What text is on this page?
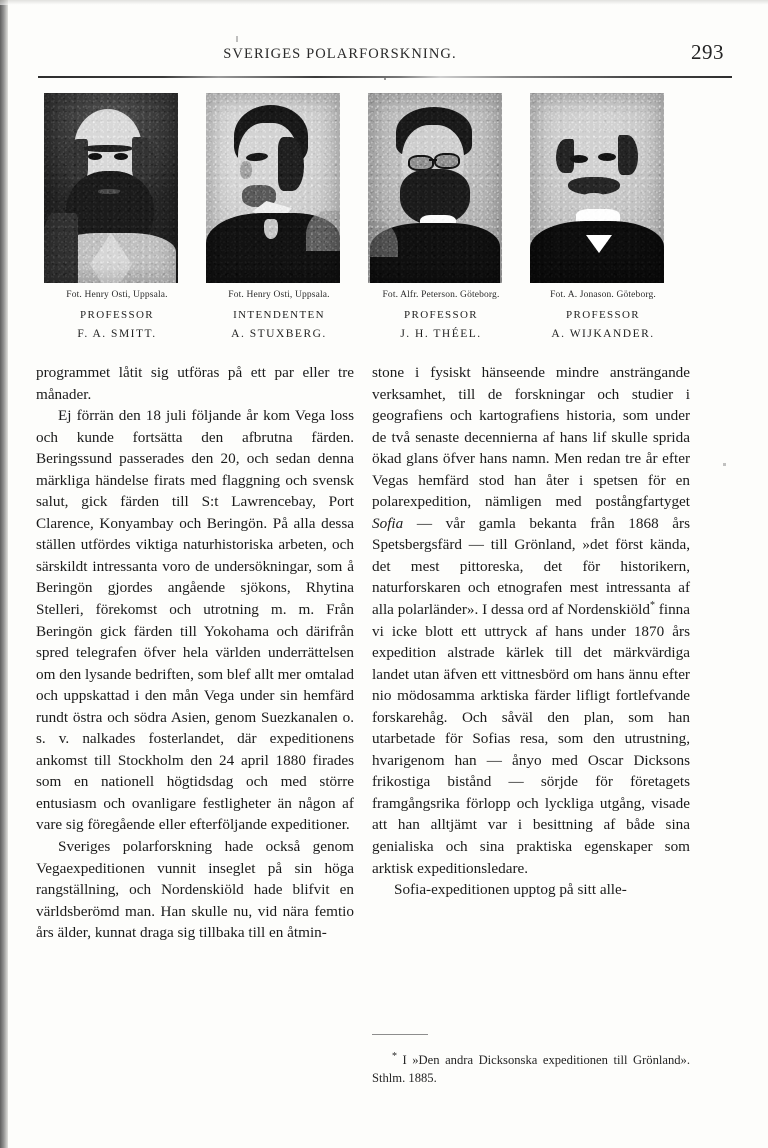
SVERIGES POLARFORSKNING.	293
Fot. Henry Osti, Uppsala.
PROFESSOR
F. A. SMITT.
Fot. Henry Osti, Uppsala.
INTENDENTEN
A. STUXBERG.
Fot. Alfr. Peterson. Göteborg.
PROFESSOR
J. H. THÉEL.
Fot. A. Jonason. Göteborg.
PROFESSOR
A. WIJKANDER.

programmet låtit sig utföras på ett par eller tre månader.

Ej förrän den 18 juli följande år kom Vega loss och kunde fortsätta den afbrutna färden. Beringssund passerades den 20, och sedan denna märkliga händelse firats med flaggning och svensk salut, gick färden till S:t Lawrencebay, Port Clarence, Konyambay och Beringön. På alla dessa ställen utfördes viktiga naturhistoriska arbeten, och särskildt intressanta voro de undersökningar, som å Beringön gjordes angående sjökons, Rhytina Stelleri, förekomst och utrotning m. m. Från Beringön gick färden till Yokohama och därifrån spred telegrafen öfver hela världen underrättelsen om den lysande bedriften, som blef allt mer omtalad och uppskattad i den mån Vega under sin hemfärd rundt östra och södra Asien, genom Suezkanalen o. s. v. nalkades fosterlandet, där expeditionens ankomst till Stockholm den 24 april 1880 firades som en nationell högtidsdag och med större entusiasm och ovanligare festligheter än någon af vare sig föregående eller efterföljande expeditioner.

Sveriges polarforskning hade också genom Vegaexpeditionen vunnit inseglet på sin höga rangställning, och Nordenskiöld hade blifvit en världsberömd man. Han skulle nu, vid nära femtio års älder, kunnat draga sig tillbaka till en åtmin-

stone i fysiskt hänseende mindre ansträngande verksamhet, till de forskningar och studier i geografiens och kartografiens historia, som under de två senaste decennierna af hans lif skulle sprida ökad glans öfver hans namn. Men redan tre år efter Vegas hemfärd stod han åter i spetsen för en polarexpedition, nämligen med postångfartyget Sofia — vår gamla bekanta från 1868 års Spetsbergsfärd — till Grönland, »det först kända, det mest pittoreska, det för historikern, naturforskaren och etnografen mest intressanta af alla polarländer». I dessa ord af Nordenskiöld* finna vi icke blott ett uttryck af hans under 1870 års expedition alstrade kärlek till det märkvärdiga landet utan äfven ett vittnesbörd om hans ännu efter nio mödosamma arktiska färder lifligt fortlefvande forskarehåg. Och såväl den plan, som han utarbetade för Sofias resa, som den utrustning, hvarigenom han — ånyo med Oscar Dicksons frikostiga bistånd — sörjde för företagets framgångsrika förlopp och lyckliga utgång, visade att han alltjämt var i besittning af både sina genialiska och sina praktiska egenskaper som arktisk expeditionsledare.

Sofia-expeditionen upptog på sitt alle-

* I »Den andra Dicksonska expeditionen till Grönland». Sthlm. 1885.
